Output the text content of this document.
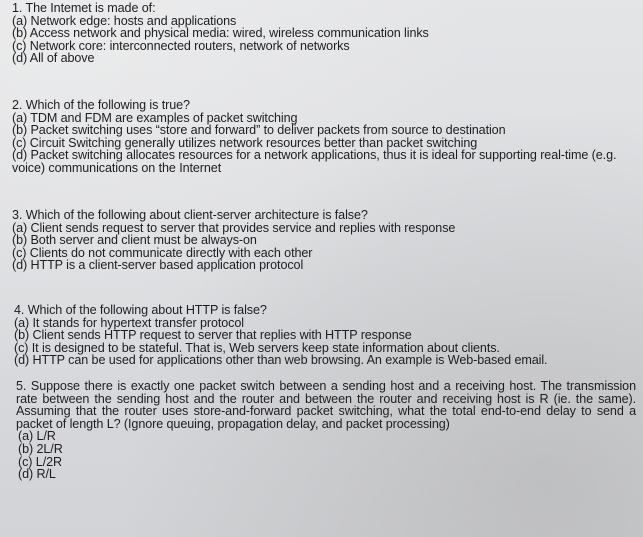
1. The Intemet is made of:
(a) Network edge: hosts and applications
(b) Access network and physical media: wired, wireless communication links
(c) Network core: interconnected routers, network of networks
(d) All of above
2. Which of the following is true?
(a) TDM and FDM are examples of packet switching
(b) Packet switching uses “store and forward” to deliver packets from source to destination
(c) Circuit Switching generally utilizes network resources better than packet switching
(d) Packet switching allocates resources for a network applications, thus it is ideal for supporting real-time (e.g. voice) communications on the Internet
3. Which of the following about client-server architecture is false?
(a) Client sends request to server that provides service and replies with response
(b) Both server and client must be always-on
(c) Clients do not communicate directly with each other
(d) HTTP is a client-server based application protocol
4. Which of the following about HTTP is false?
(a) It stands for hypertext transfer protocol
(b) Client sends HTTP request to server that replies with HTTP response
(c) It is designed to be stateful. That is, Web servers keep state information about clients.
(d) HTTP can be used for applications other than web browsing. An example is Web-based email.
5. Suppose there is exactly one packet switch between a sending host and a receiving host. The transmission rate between the sending host and the router and between the router and receiving host is R (ie. the same). Assuming that the router uses store-and-forward packet switching, what the total end-to-end delay to send a packet of length L? (Ignore queuing, propagation delay, and packet processing)
(a) L/R
(b) 2L/R
(c) L/2R
(d) R/L
